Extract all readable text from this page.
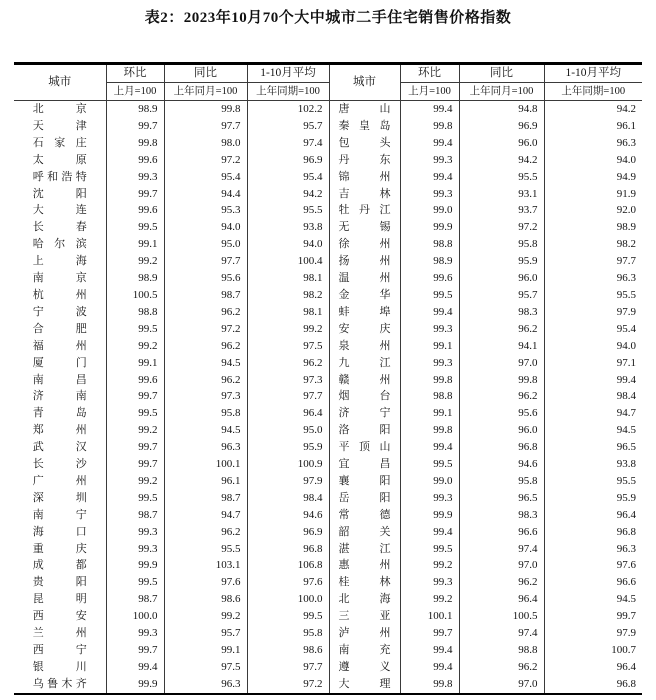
表2：2023年10月70个大中城市二手住宅销售价格指数
城市	环比	同比	1-10月平均	城市	环比	同比	1-10月平均
	上月=100	上年同月=100	上年同期=100		上月=100	上年同月=100	上年同期=100

北 京	98.9	99.8	102.2	唐 山	99.4	94.8	94.2

天 津	99.7	97.7	95.7	秦 皇 岛	99.8	96.9	96.1

石 家 庄	99.8	98.0	97.4	包 头	99.4	96.0	96.3

太 原	99.6	97.2	96.9	丹 东	99.3	94.2	94.0

呼 和 浩 特	99.3	95.4	95.4	锦 州	99.4	95.5	94.9

沈 阳	99.7	94.4	94.2	吉 林	99.3	93.1	91.9

大 连	99.6	95.3	95.5	牡 丹 江	99.0	93.7	92.0

长 春	99.5	94.0	93.8	无 锡	99.9	97.2	98.9

哈 尔 滨	99.1	95.0	94.0	徐 州	98.8	95.8	98.2

上 海	99.2	97.7	100.4	扬 州	98.9	95.9	97.7

南 京	98.9	95.6	98.1	温 州	99.6	96.0	96.3

杭 州	100.5	98.7	98.2	金 华	99.5	95.7	95.5

宁 波	98.8	96.2	98.1	蚌 埠	99.4	98.3	97.9

合 肥	99.5	97.2	99.2	安 庆	99.3	96.2	95.4

福 州	99.2	96.2	97.5	泉 州	99.1	94.1	94.0

厦 门	99.1	94.5	96.2	九 江	99.3	97.0	97.1

南 昌	99.6	96.2	97.3	赣 州	99.8	99.8	99.4

济 南	99.7	97.3	97.7	烟 台	98.8	96.2	98.4

青 岛	99.5	95.8	96.4	济 宁	99.1	95.6	94.7

郑 州	99.2	94.5	95.0	洛 阳	99.8	96.0	94.5

武 汉	99.7	96.3	95.9	平 顶 山	99.4	96.8	96.5

长 沙	99.7	100.1	100.9	宜 昌	99.5	94.6	93.8

广 州	99.2	96.1	97.9	襄 阳	99.0	95.8	95.5

深 圳	99.5	98.7	98.4	岳 阳	99.3	96.5	95.9

南 宁	98.7	94.7	94.6	常 德	99.9	98.3	96.4

海 口	99.3	96.2	96.9	韶 关	99.4	96.6	96.8

重 庆	99.3	95.5	96.8	湛 江	99.5	97.4	96.3

成 都	99.9	103.1	106.8	惠 州	99.2	97.0	97.6

贵 阳	99.5	97.6	97.6	桂 林	99.3	96.2	96.6

昆 明	98.7	98.6	100.0	北 海	99.2	96.4	94.5

西 安	100.0	99.2	99.5	三 亚	100.1	100.5	99.7

兰 州	99.3	95.7	95.8	泸 州	99.7	97.4	97.9

西 宁	99.7	99.1	98.6	南 充	99.4	98.8	100.7

银 川	99.4	97.5	97.7	遵 义	99.4	96.2	96.4

乌 鲁 木 齐	99.9	96.3	97.2	大 理	99.8	97.0	96.8
